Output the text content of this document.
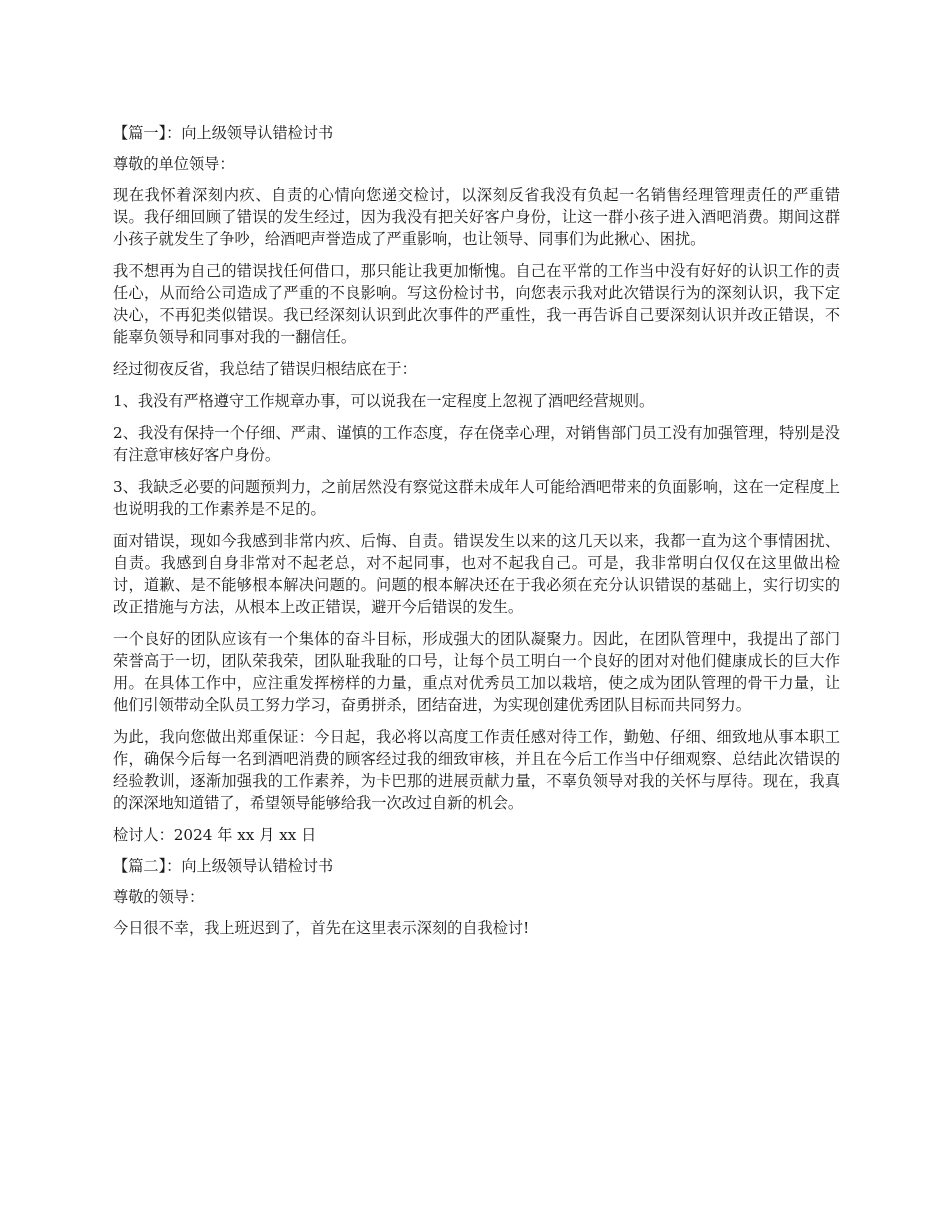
【篇一】：向上级领导认错检讨书

尊敬的单位领导：

现在我怀着深刻内疚、自责的心情向您递交检讨，以深刻反省我没有负起一名销售经理管理责任的严重错误。我仔细回顾了错误的发生经过，因为我没有把关好客户身份，让这一群小孩子进入酒吧消费。期间这群小孩子就发生了争吵，给酒吧声誉造成了严重影响，也让领导、同事们为此揪心、困扰。

我不想再为自己的错误找任何借口，那只能让我更加惭愧。自己在平常的工作当中没有好好的认识工作的责任心，从而给公司造成了严重的不良影响。写这份检讨书，向您表示我对此次错误行为的深刻认识，我下定决心，不再犯类似错误。我已经深刻认识到此次事件的严重性，我一再告诉自己要深刻认识并改正错误，不能辜负领导和同事对我的一翻信任。

经过彻夜反省，我总结了错误归根结底在于：

1、我没有严格遵守工作规章办事，可以说我在一定程度上忽视了酒吧经营规则。

2、我没有保持一个仔细、严肃、谨慎的工作态度，存在侥幸心理，对销售部门员工没有加强管理，特别是没有注意审核好客户身份。

3、我缺乏必要的问题预判力，之前居然没有察觉这群未成年人可能给酒吧带来的负面影响，这在一定程度上也说明我的工作素养是不足的。

面对错误，现如今我感到非常内疚、后悔、自责。错误发生以来的这几天以来，我都一直为这个事情困扰、自责。我感到自身非常对不起老总，对不起同事，也对不起我自己。可是，我非常明白仅仅在这里做出检讨，道歉、是不能够根本解决问题的。问题的根本解决还在于我必须在充分认识错误的基础上，实行切实的改正措施与方法，从根本上改正错误，避开今后错误的发生。

一个良好的团队应该有一个集体的奋斗目标，形成强大的团队凝聚力。因此，在团队管理中，我提出了部门荣誉高于一切，团队荣我荣，团队耻我耻的口号，让每个员工明白一个良好的团对对他们健康成长的巨大作用。在具体工作中，应注重发挥榜样的力量，重点对优秀员工加以栽培，使之成为团队管理的骨干力量，让他们引领带动全队员工努力学习，奋勇拼杀，团结奋进，为实现创建优秀团队目标而共同努力。

为此，我向您做出郑重保证：今日起，我必将以高度工作责任感对待工作，勤勉、仔细、细致地从事本职工作，确保今后每一名到酒吧消费的顾客经过我的细致审核，并且在今后工作当中仔细观察、总结此次错误的经验教训，逐渐加强我的工作素养，为卡巴那的进展贡献力量，不辜负领导对我的关怀与厚待。现在，我真的深深地知道错了，希望领导能够给我一次改过自新的机会。

检讨人：2024 年 xx 月 xx 日

【篇二】：向上级领导认错检讨书

尊敬的领导：

今日很不幸，我上班迟到了，首先在这里表示深刻的自我检讨!
